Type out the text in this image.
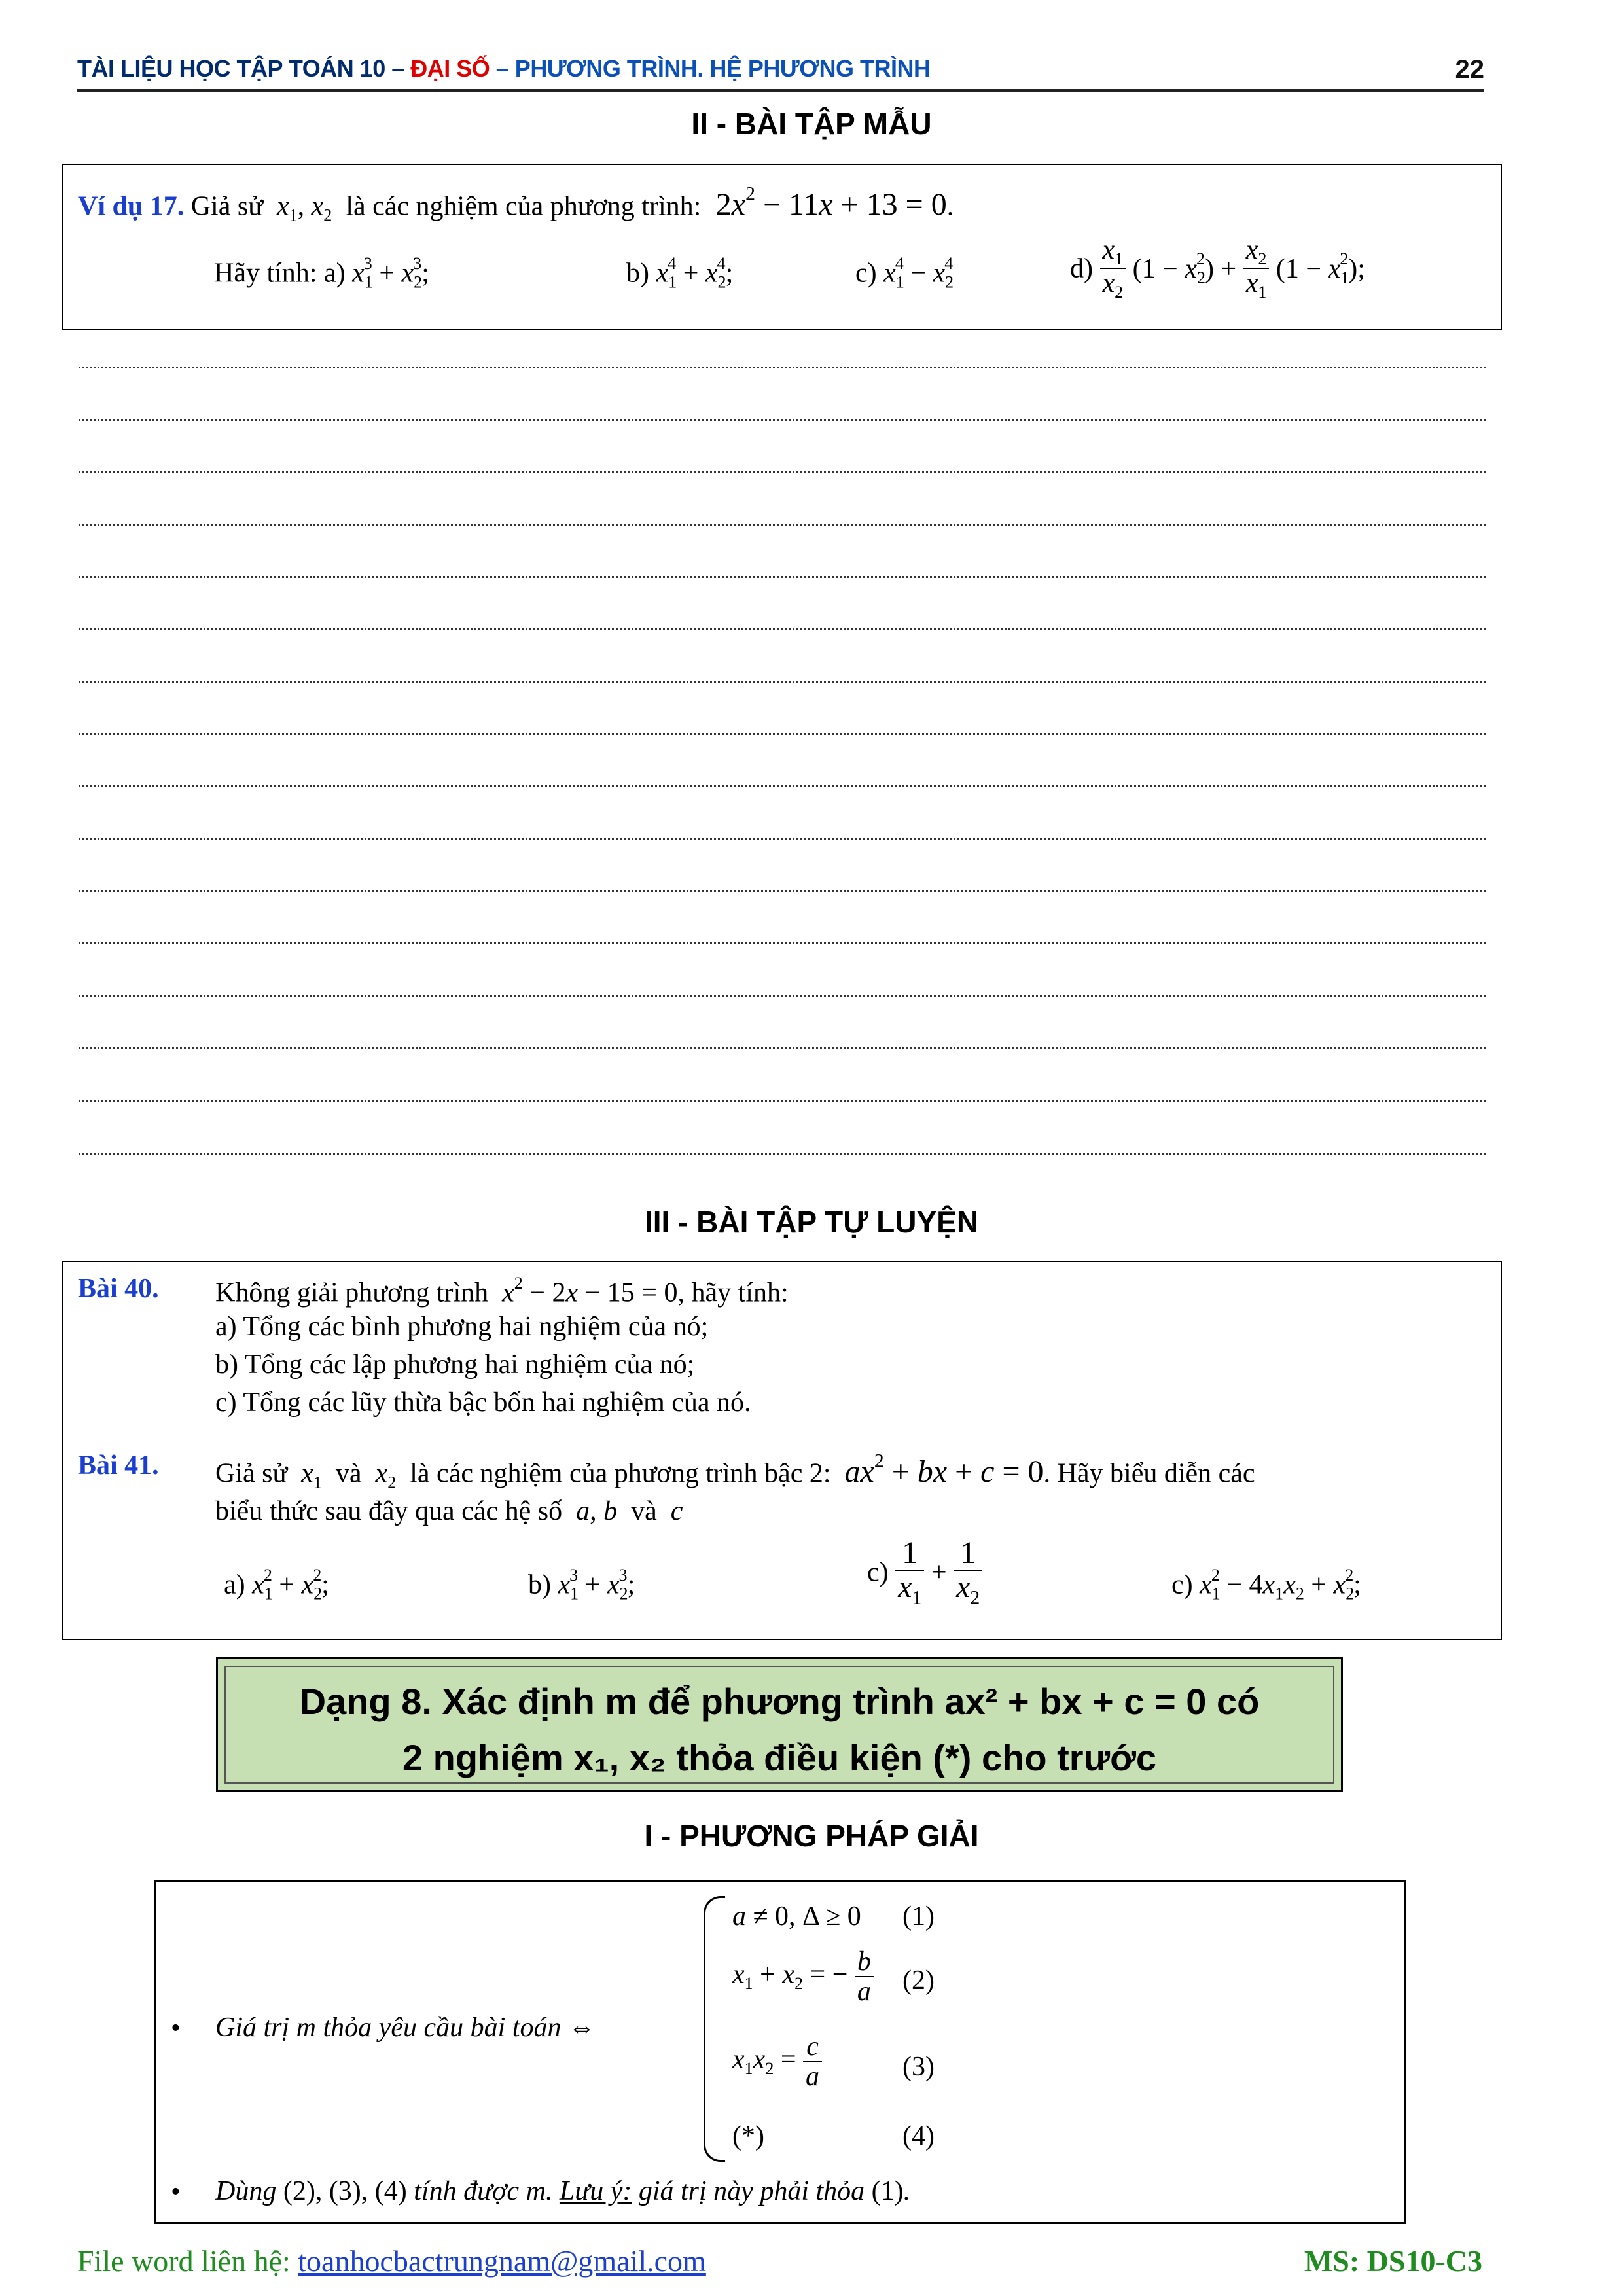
TÀI LIỆU HỌC TẬP TOÁN 10 – ĐẠI SỐ – PHƯƠNG TRÌNH. HỆ PHƯƠNG TRÌNH	22
II - BÀI TẬP MẪU
Ví dụ 17. Giả sử  $x_1$, $x_2$ là các nghiệm của phương trình:  $2x^2 - 11x + 13 = 0$.
Hãy tính: a) $x_1^3 + x_2^3$;	b) $x_1^4 + x_2^4$;	c) $x_1^4 - x_2^4$	$d) \frac{x_1}{x_2} (1 - x_2^2) + \frac{x_2}{x_1} (1 - x_1^2)$;
III - BÀI TẬP TỰ LUYỆN
Bài 40. Không giải phương trình $x^2 - 2x - 15 = 0$, hãy tính:
a) Tổng các bình phương hai nghiệm của nó;
b) Tổng các lập phương hai nghiệm của nó;
c) Tổng các lũy thừa bậc bốn hai nghiệm của nó.
Bài 41. Giả sử $x_1$ và $x_2$ là các nghiệm của phương trình bậc 2: $ax^2$ + bx + c = 0. Hãy biểu diễn các
biểu thức sau đây qua các hệ số a, b và c
a) $x_1^2 + x_2^2$;	b) $x_1^3 + x_2^3$;	$c) \frac{1}{x_1} + \frac{1}{x_2}$	c) $x_1^2 - 4x_1x_2 + x_2^2$;
Dạng 8. Xác định m để phương trình ax² + bx + c = 0 có
2 nghiệm x₁, x₂ thỏa điều kiện (*) cho trước
I - PHƯƠNG PHÁP GIẢI
• Giá trị m thỏa yêu cầu bài toán ⇔
a ≠ 0, Δ ≥ 0 (1)
$x_1 + x_2$ = − $\frac{b}{a} (2)$
$x_1x_2 = \frac{c}{a}$	(3)
(*)	(4)
• Dùng (2), (3), (4) tính được m. Lưu ý: giá trị này phải thỏa (1).
File word liên hệ: toanhocbactrungnam@gmail.com	MS: DS10-C3
